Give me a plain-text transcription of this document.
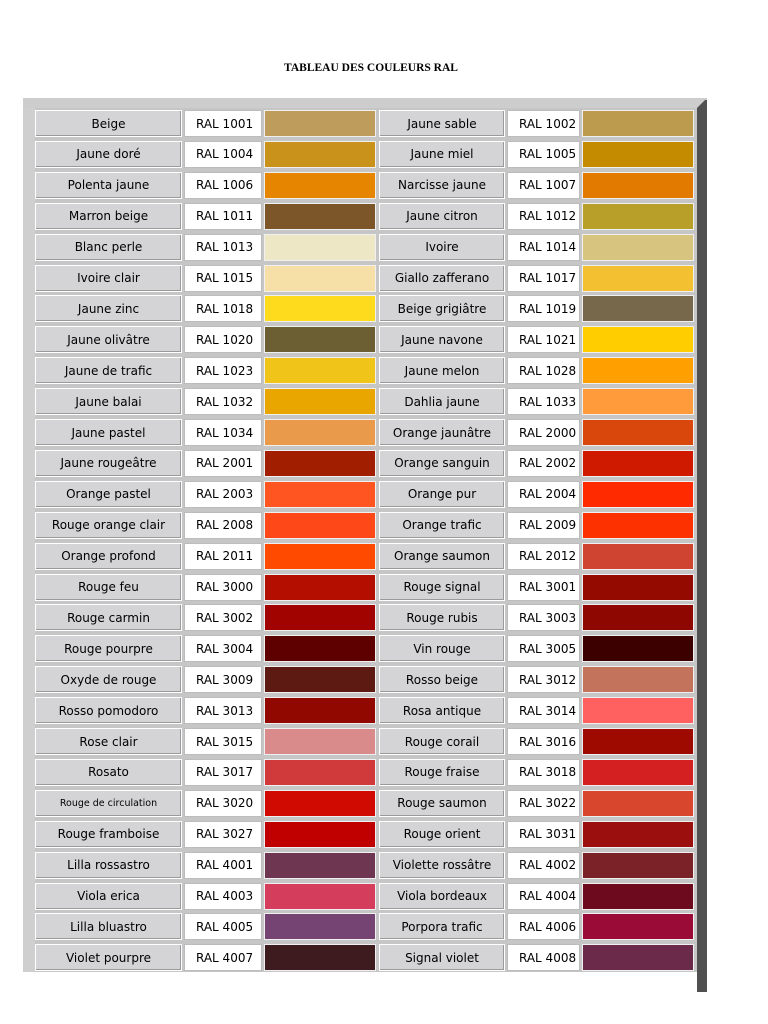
TABLEAU DES COULEURS RAL
Beige	RAL 1001	Jaune sable	RAL 1002
Jaune doré	RAL 1004	Jaune miel	RAL 1005
Polenta jaune	RAL 1006	Narcisse jaune	RAL 1007
Marron beige	RAL 1011	Jaune citron	RAL 1012
Blanc perle	RAL 1013	Ivoire	RAL 1014
Ivoire clair	RAL 1015	Giallo zafferano	RAL 1017
Jaune zinc	RAL 1018	Beige grigiâtre	RAL 1019
Jaune olivâtre	RAL 1020	Jaune navone	RAL 1021
Jaune de trafic	RAL 1023	Jaune melon	RAL 1028
Jaune balai	RAL 1032	Dahlia jaune	RAL 1033
Jaune pastel	RAL 1034	Orange jaunâtre	RAL 2000
Jaune rougeâtre	RAL 2001	Orange sanguin	RAL 2002
Orange pastel	RAL 2003	Orange pur	RAL 2004
Rouge orange clair	RAL 2008	Orange trafic	RAL 2009
Orange profond	RAL 2011	Orange saumon	RAL 2012
Rouge feu	RAL 3000	Rouge signal	RAL 3001
Rouge carmin	RAL 3002	Rouge rubis	RAL 3003
Rouge pourpre	RAL 3004	Vin rouge	RAL 3005
Oxyde de rouge	RAL 3009	Rosso beige	RAL 3012
Rosso pomodoro	RAL 3013	Rosa antique	RAL 3014
Rose clair	RAL 3015	Rouge corail	RAL 3016
Rosato	RAL 3017	Rouge fraise	RAL 3018
Rouge de circulation	RAL 3020	Rouge saumon	RAL 3022
Rouge framboise	RAL 3027	Rouge orient	RAL 3031
Lilla rossastro	RAL 4001	Violette rossâtre	RAL 4002
Viola erica	RAL 4003	Viola bordeaux	RAL 4004
Lilla bluastro	RAL 4005	Porpora trafic	RAL 4006
Violet pourpre	RAL 4007	Signal violet	RAL 4008
